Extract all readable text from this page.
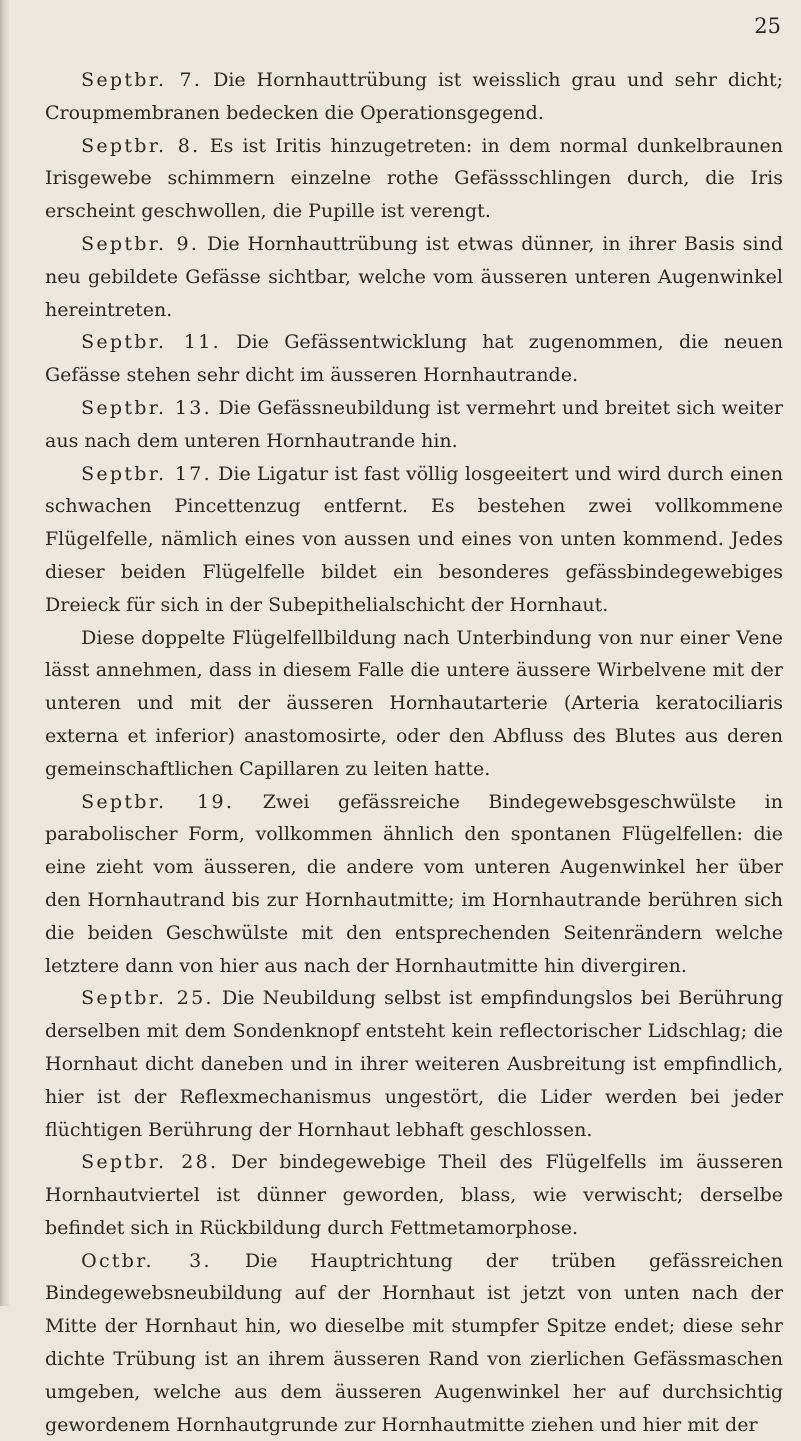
25

Septbr. 7. Die Hornhauttrübung ist weisslich grau und sehr dicht; Croupmembranen bedecken die Operationsgegend.

Septbr. 8. Es ist Iritis hinzugetreten: in dem normal dunkelbraunen Irisgewebe schimmern einzelne rothe Gefässschlingen durch, die Iris erscheint geschwollen, die Pupille ist verengt.

Septbr. 9. Die Hornhauttrübung ist etwas dünner, in ihrer Basis sind neu gebildete Gefässe sichtbar, welche vom äusseren unteren Augenwinkel hereintreten.

Septbr. 11. Die Gefässentwicklung hat zugenommen, die neuen Gefässe stehen sehr dicht im äusseren Hornhautrande.

Septbr. 13. Die Gefässneubildung ist vermehrt und breitet sich weiter aus nach dem unteren Hornhautrande hin.

Septbr. 17. Die Ligatur ist fast völlig losgeeitert und wird durch einen schwachen Pincettenzug entfernt. Es bestehen zwei vollkommene Flügelfelle, nämlich eines von aussen und eines von unten kommend. Jedes dieser beiden Flügelfelle bildet ein besonderes gefässbindegewebiges Dreieck für sich in der Subepithelialschicht der Hornhaut.

Diese doppelte Flügelfellbildung nach Unterbindung von nur einer Vene lässt annehmen, dass in diesem Falle die untere äussere Wirbelvene mit der unteren und mit der äusseren Hornhautarterie (Arteria keratociliaris externa et inferior) anastomosirte, oder den Abfluss des Blutes aus deren gemeinschaftlichen Capillaren zu leiten hatte.

Septbr. 19. Zwei gefässreiche Bindegewebsgeschwülste in parabolischer Form, vollkommen ähnlich den spontanen Flügelfellen: die eine zieht vom äusseren, die andere vom unteren Augenwinkel her über den Hornhautrand bis zur Hornhautmitte; im Hornhautrande berühren sich die beiden Geschwülste mit den entsprechenden Seitenrändern welche letztere dann von hier aus nach der Hornhautmitte hin divergiren.

Septbr. 25. Die Neubildung selbst ist empfindungslos bei Berührung derselben mit dem Sondenknopf entsteht kein reflectorischer Lidschlag; die Hornhaut dicht daneben und in ihrer weiteren Ausbreitung ist empfindlich, hier ist der Reflexmechanismus ungestört, die Lider werden bei jeder flüchtigen Berührung der Hornhaut lebhaft geschlossen.

Septbr. 28. Der bindegewebige Theil des Flügelfells im äusseren Hornhautviertel ist dünner geworden, blass, wie verwischt; derselbe befindet sich in Rückbildung durch Fettmetamorphose.

Octbr. 3. Die Hauptrichtung der trüben gefässreichen Bindegewebsneubildung auf der Hornhaut ist jetzt von unten nach der Mitte der Hornhaut hin, wo dieselbe mit stumpfer Spitze endet; diese sehr dichte Trübung ist an ihrem äusseren Rand von zierlichen Gefässmaschen umgeben, welche aus dem äusseren Augenwinkel her auf durchsichtig gewordenem Hornhautgrunde zur Hornhautmitte ziehen und hier mit der
